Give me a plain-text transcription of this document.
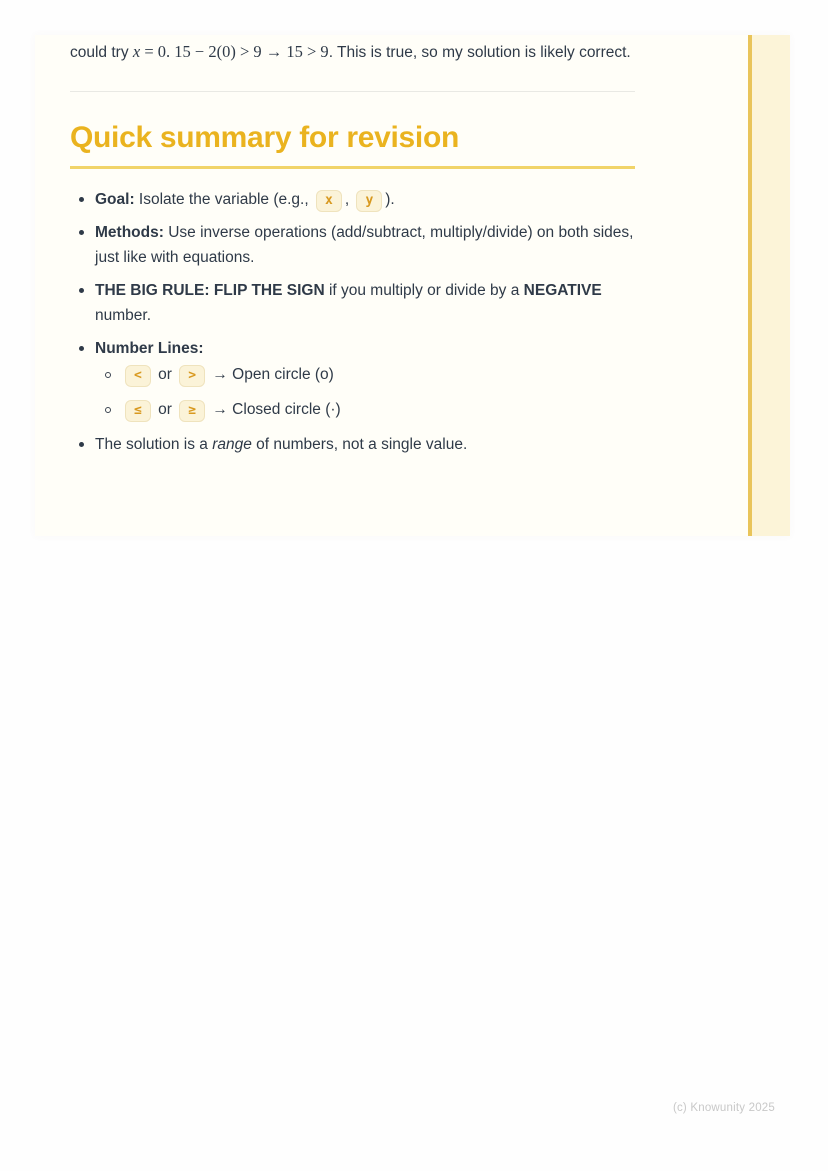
could try x = 0. 15 − 2(0) > 9 → 15 > 9. This is true, so my solution is likely correct.

Quick summary for revision
Goal: Isolate the variable (e.g., x , y ).
Methods: Use inverse operations (add/subtract, multiply/divide) on both sides, just like with equations.
THE BIG RULE: FLIP THE SIGN if you multiply or divide by a NEGATIVE number.
Number Lines:
< or > → Open circle (o)
≤ or ≥ → Closed circle (·)
The solution is a range of numbers, not a single value.
(c) Knowunity 2025
